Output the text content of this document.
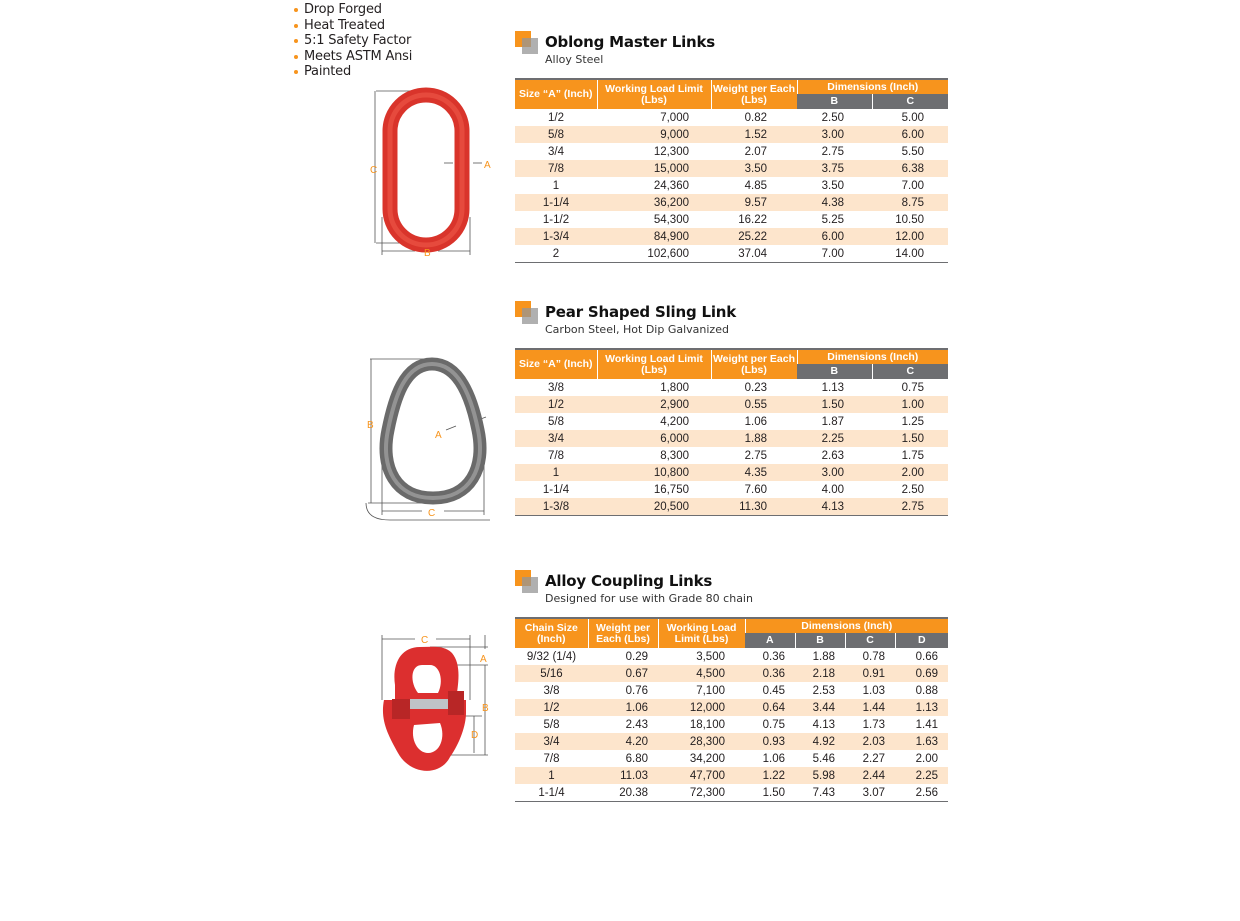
Drop Forged
Heat Treated
5:1 Safety Factor
Meets ASTM Ansi
Painted
C	A
B
B
A
C
C
A
B
D
Oblong Master Links
Alloy Steel
Size “A” (Inch)	Working Load Limit (Lbs)	Weight per Each (Lbs)	Dimensions (Inch)	
			B	C
1/2	7,000	0.82	2.50	5.00
5/8	9,000	1.52	3.00	6.00
3/4	12,300	2.07	2.75	5.50
7/8	15,000	3.50	3.75	6.38
1	24,360	4.85	3.50	7.00
1-1/4	36,200	9.57	4.38	8.75
1-1/2	54,300	16.22	5.25	10.50
1-3/4	84,900	25.22	6.00	12.00
2	102,600	37.04	7.00	14.00
Pear Shaped Sling Link
Carbon Steel, Hot Dip Galvanized
Size “A” (Inch)	Working Load Limit (Lbs)	Weight per Each (Lbs)	Dimensions (Inch)	
			B	C
3/8	1,800	0.23	1.13	0.75
1/2	2,900	0.55	1.50	1.00
5/8	4,200	1.06	1.87	1.25
3/4	6,000	1.88	2.25	1.50
7/8	8,300	2.75	2.63	1.75
1	10,800	4.35	3.00	2.00
1-1/4	16,750	7.60	4.00	2.50
1-3/8	20,500	11.30	4.13	2.75
Alloy Coupling Links
Designed for use with Grade 80 chain
Chain Size (Inch)	Weight per Each (Lbs)	Working Load Limit (Lbs)	Dimensions (Inch)			
			A	B	C	D
9/32 (1/4)	0.29	3,500	0.36	1.88	0.78	0.66
5/16	0.67	4,500	0.36	2.18	0.91	0.69
3/8	0.76	7,100	0.45	2.53	1.03	0.88
1/2	1.06	12,000	0.64	3.44	1.44	1.13
5/8	2.43	18,100	0.75	4.13	1.73	1.41
3/4	4.20	28,300	0.93	4.92	2.03	1.63
7/8	6.80	34,200	1.06	5.46	2.27	2.00
1	11.03	47,700	1.22	5.98	2.44	2.25
1-1/4	20.38	72,300	1.50	7.43	3.07	2.56
